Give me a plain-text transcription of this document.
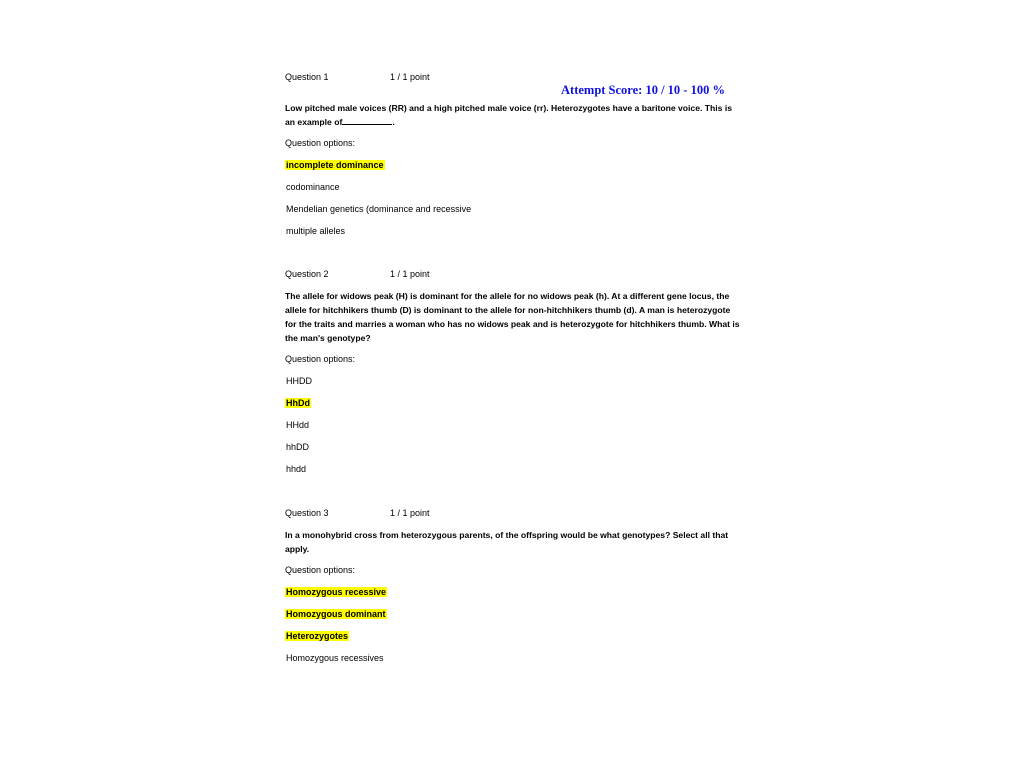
Attempt Score: 10 / 10 - 100 %
Question 1	1 / 1 point
Low pitched male voices (RR) and a high pitched male voice (rr). Heterozygotes have a baritone voice. This is an example of	.
Question options:
incomplete dominance
codominance
Mendelian genetics (dominance and recessive
multiple alleles
Question 2	1 / 1 point
The allele for widows peak (H) is dominant for the allele for no widows peak (h). At a different gene locus, the allele for hitchhikers thumb (D) is dominant to the allele for non-hitchhikers thumb (d). A man is heterozygote for the traits and marries a woman who has no widows peak and is heterozygote for hitchhikers thumb. What is the man's genotype?
Question options:
HHDD
HhDd
HHdd
hhDD
hhdd
Question 3	1 / 1 point
In a monohybrid cross from heterozygous parents, of the offspring would be what genotypes? Select all that apply.
Question options:
Homozygous recessive
Homozygous dominant
Heterozygotes
Homozygous recessives
